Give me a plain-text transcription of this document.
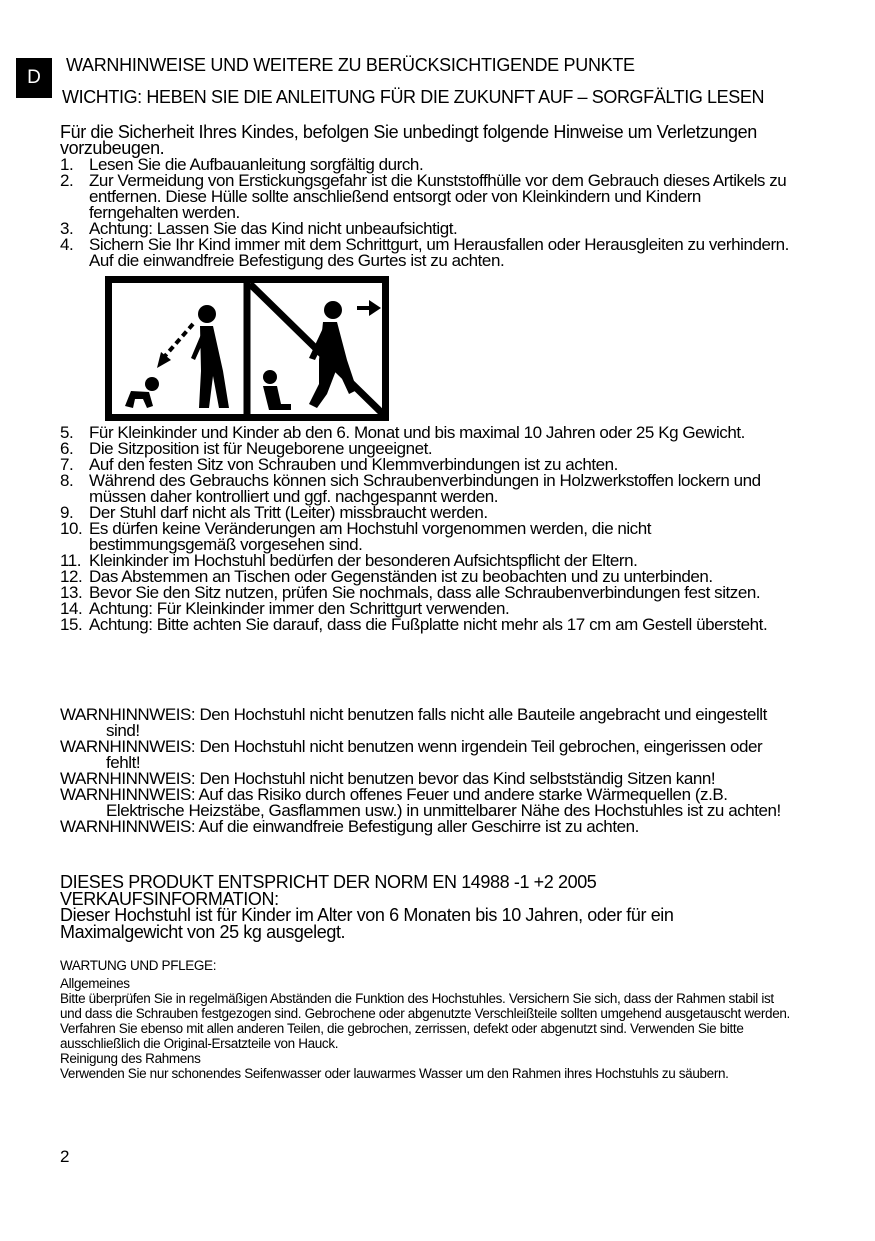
D
WARNHINWEISE UND WEITERE ZU BERÜCKSICHTIGENDE PUNKTE
WICHTIG: HEBEN SIE DIE ANLEITUNG FÜR DIE ZUKUNFT AUF – SORGFÄLTIG LESEN
Für die Sicherheit Ihres Kindes, befolgen Sie unbedingt folgende Hinweise um Verletzungen vorzubeugen.
1. Lesen Sie die Aufbauanleitung sorgfältig durch.
2. Zur Vermeidung von Erstickungsgefahr ist die Kunststoffhülle vor dem Gebrauch dieses Artikels zu entfernen. Diese Hülle sollte anschließend entsorgt oder von Kleinkindern und Kindern ferngehalten werden.
3. Achtung: Lassen Sie das Kind nicht unbeaufsichtigt.
4. Sichern Sie Ihr Kind immer mit dem Schrittgurt, um Herausfallen oder Herausgleiten zu verhindern. Auf die einwandfreie Befestigung des Gurtes ist zu achten.
5. Für Kleinkinder und Kinder ab den 6. Monat und bis maximal 10 Jahren oder 25 Kg Gewicht.
6. Die Sitzposition ist für Neugeborene ungeeignet.
7. Auf den festen Sitz von Schrauben und Klemmverbindungen ist zu achten.
8. Während des Gebrauchs können sich Schraubenverbindungen in Holzwerkstoffen lockern und müssen daher kontrolliert und ggf. nachgespannt werden.
9. Der Stuhl darf nicht als Tritt (Leiter) missbraucht werden.
10. Es dürfen keine Veränderungen am Hochstuhl vorgenommen werden, die nicht bestimmungsgemäß vorgesehen sind.
11. Kleinkinder im Hochstuhl bedürfen der besonderen Aufsichtspflicht der Eltern.
12. Das Abstemmen an Tischen oder Gegenständen ist zu beobachten und zu unterbinden.
13. Bevor Sie den Sitz nutzen, prüfen Sie nochmals, dass alle Schraubenverbindungen fest sitzen.
14. Achtung: Für Kleinkinder immer den Schrittgurt verwenden.
15. Achtung: Bitte achten Sie darauf, dass die Fußplatte nicht mehr als 17 cm am Gestell übersteht.
WARNHINNWEIS: Den Hochstuhl nicht benutzen falls nicht alle Bauteile angebracht und eingestellt sind!
WARNHINNWEIS: Den Hochstuhl nicht benutzen wenn irgendein Teil gebrochen, eingerissen oder fehlt!
WARNHINNWEIS: Den Hochstuhl nicht benutzen bevor das Kind selbstständig Sitzen kann!
WARNHINNWEIS: Auf das Risiko durch offenes Feuer und andere starke Wärmequellen (z.B. Elektrische Heizstäbe, Gasflammen usw.) in unmittelbarer Nähe des Hochstuhles ist zu achten!
WARNHINNWEIS: Auf die einwandfreie Befestigung aller Geschirre ist zu achten.
DIESES PRODUKT ENTSPRICHT DER NORM EN 14988 -1 +2 2005
VERKAUFSINFORMATION:
Dieser Hochstuhl ist für Kinder im Alter von 6 Monaten bis 10 Jahren, oder für ein Maximalgewicht von 25 kg ausgelegt.
WARTUNG UND PFLEGE:
Allgemeines
Bitte überprüfen Sie in regelmäßigen Abständen die Funktion des Hochstuhles. Versichern Sie sich, dass der Rahmen stabil ist und dass die Schrauben festgezogen sind. Gebrochene oder abgenutzte Verschleißteile sollten umgehend ausgetauscht werden. Verfahren Sie ebenso mit allen anderen Teilen, die gebrochen, zerrissen, defekt oder abgenutzt sind. Verwenden Sie bitte ausschließlich die Original-Ersatzteile von Hauck.
Reinigung des Rahmens
Verwenden Sie nur schonendes Seifenwasser oder lauwarmes Wasser um den Rahmen ihres Hochstuhls zu säubern.
2
